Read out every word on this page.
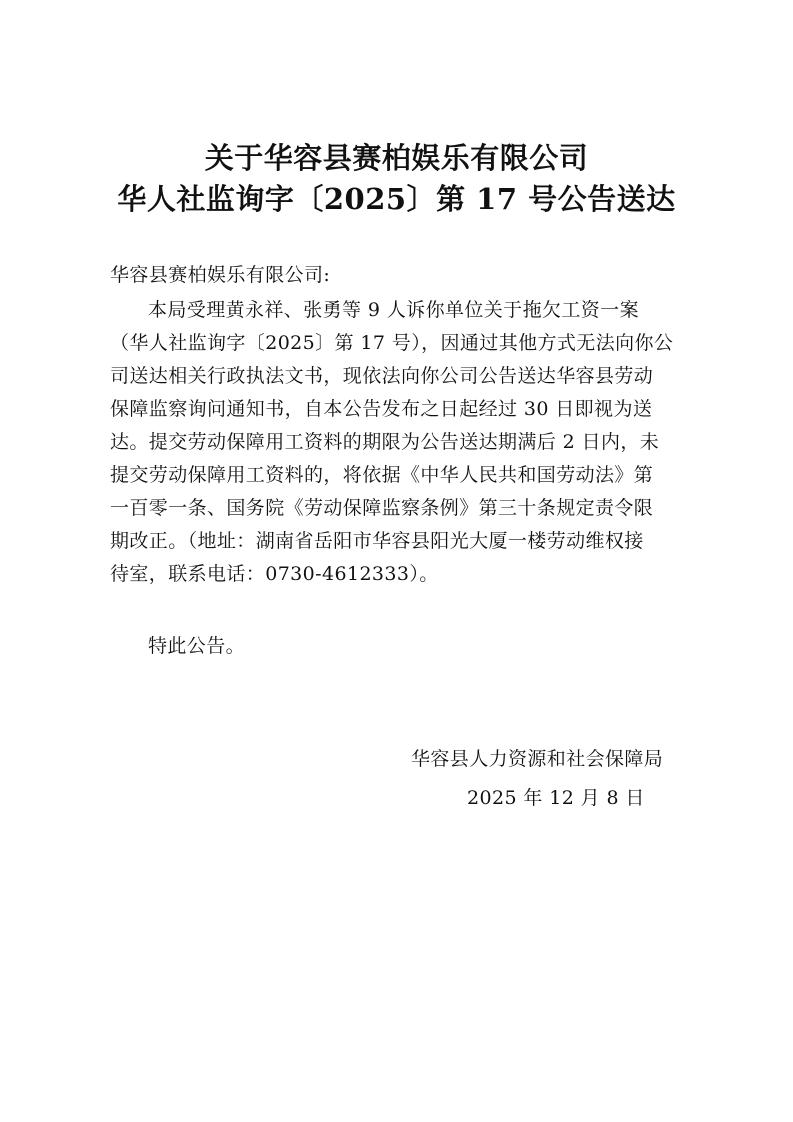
关于华容县赛柏娱乐有限公司
华人社监询字〔2025〕第 17 号公告送达
华容县赛柏娱乐有限公司:
本局受理黄永祥、张勇等 9 人诉你单位关于拖欠工资一案
（华人社监询字〔2025〕第 17 号），因通过其他方式无法向你公
司送达相关行政执法文书，现依法向你公司公告送达华容县劳动
保障监察询问通知书，自本公告发布之日起经过 30 日即视为送
达。提交劳动保障用工资料的期限为公告送达期满后 2 日内，未
提交劳动保障用工资料的，将依据《中华人民共和国劳动法》第
一百零一条、国务院《劳动保障监察条例》第三十条规定责令限
期改正。（地址：湖南省岳阳市华容县阳光大厦一楼劳动维权接
待室，联系电话：0730-4612333）。
特此公告。
华容县人力资源和社会保障局
2025 年 12 月 8 日
